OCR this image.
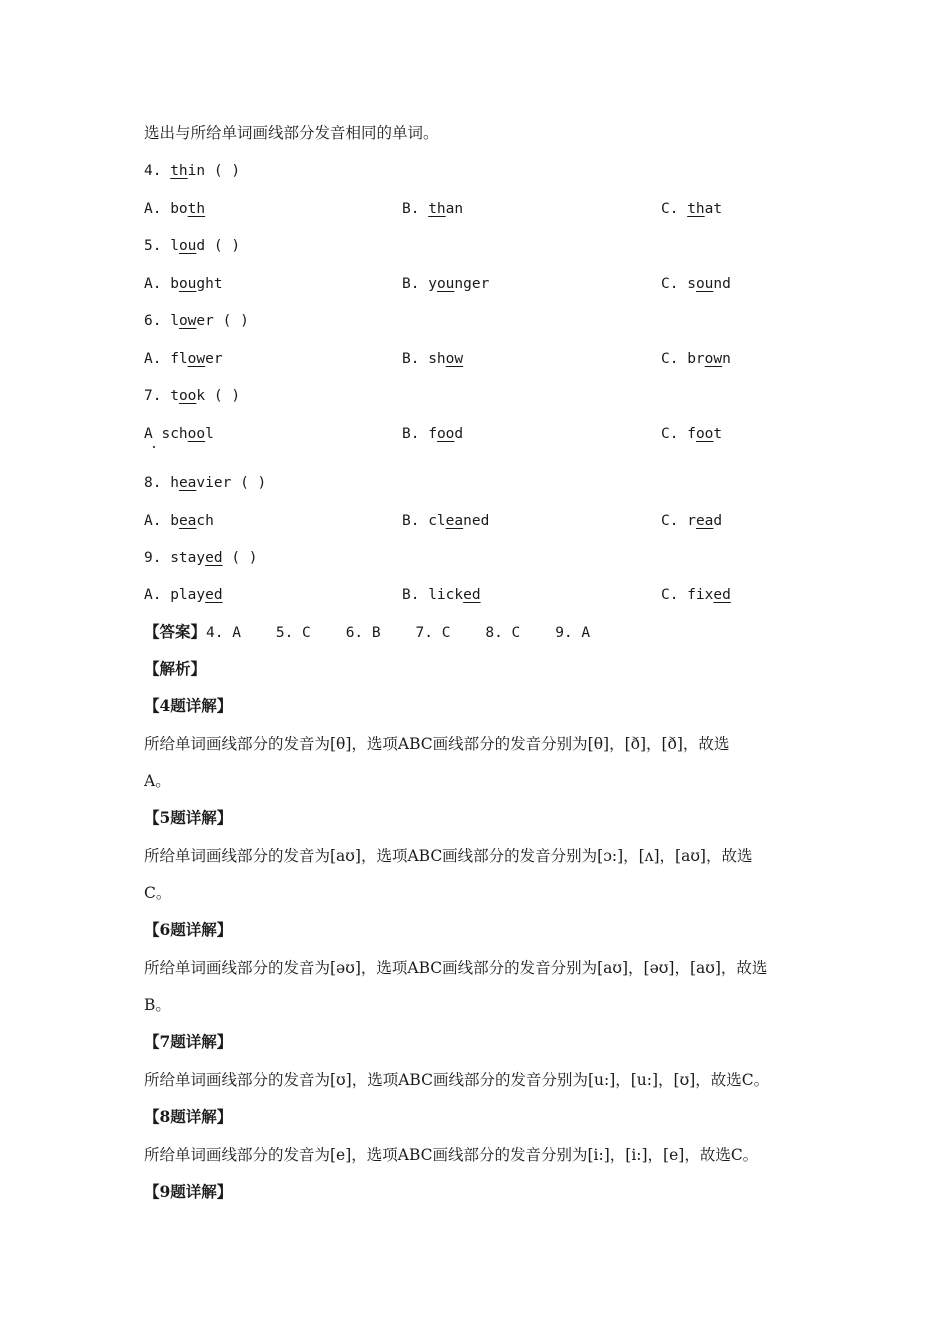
选出与所给单词画线部分发音相同的单词。
4. thin ( )
A. both	B. than	C. that
5. loud ( )
A. bought	B. younger	C. sound
6. lower ( )
A. flower	B. show	C. brown
7. took ( )
A school	B. food	C. foot
8. heavier ( )
A. beach	B. cleaned	C. read
9. stayed ( )
A. played	B. licked	C. fixed
【答案】4. A    5. C    6. B    7. C    8. C    9. A
【解析】
【4题详解】
所给单词画线部分的发音为[θ]，选项ABC画线部分的发音分别为[θ]，[ð]，[ð]，故选
A。
【5题详解】
所给单词画线部分的发音为[aʊ]，选项ABC画线部分的发音分别为[ɔ:]，[ʌ]，[aʊ]，故选
C。
【6题详解】
所给单词画线部分的发音为[əʊ]，选项ABC画线部分的发音分别为[aʊ]，[əʊ]，[aʊ]，故选
B。
【7题详解】
所给单词画线部分的发音为[ʊ]，选项ABC画线部分的发音分别为[u:]，[u:]，[ʊ]，故选C。
【8题详解】
所给单词画线部分的发音为[e]，选项ABC画线部分的发音分别为[i:]，[i:]，[e]，故选C。
【9题详解】
